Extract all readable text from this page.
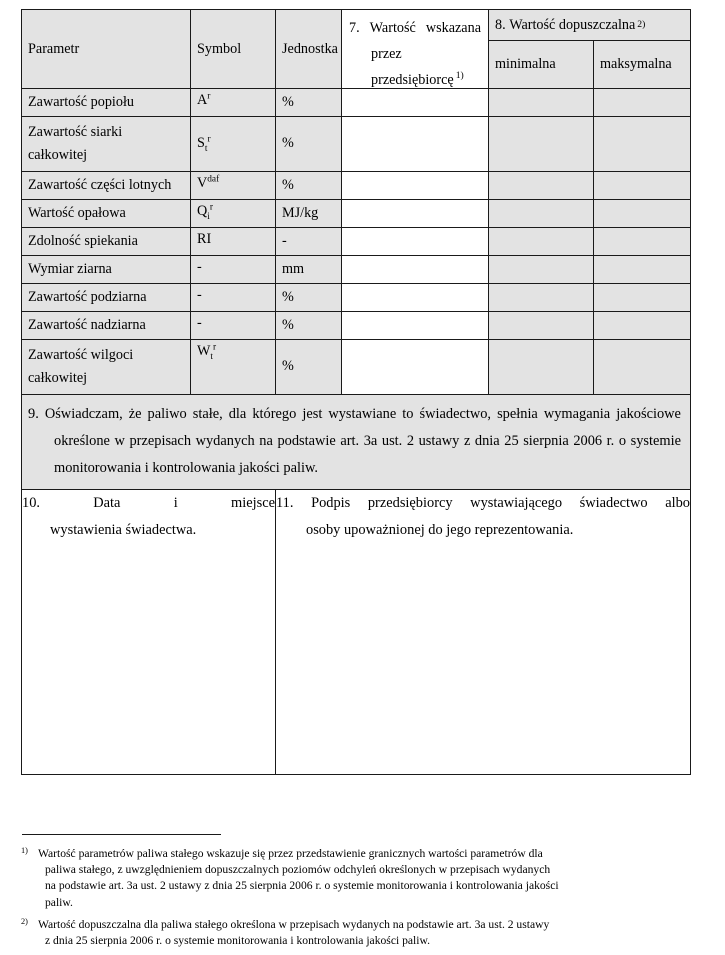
Parametr	Symbol	Jednostka

7. Wartość wskazana
przez
przedsiębiorcę $^{1)}$

8.
Wartość dopuszczalna 2)

				minimalna	maksymalna

Zawartość popiołu	$A^r$	%			

Zawartość siarki
całkowitej	$S_t^r$	%			

Zawartość części lotnych	$V^{daf}$	%			

Wartość opałowa	$Q_i^r$	MJ/kg			

Zdolność spiekania	RI	-			

Wymiar ziarna	-	mm			

Zawartość podziarna	-	%			

Zawartość nadziarna	-	%			

Zawartość wilgoci
całkowitej	$W_t^r$	%			

9. Oświadczam, że paliwo stałe, dla którego jest wystawiane to świadectwo, spełnia wymagania jakościowe
określone w przepisach wydanych na podstawie art. 3a ust. 2 ustawy z dnia 25 sierpnia 2006 r. o systemie
monitorowania i kontrolowania jakości paliw.

10.	Data	i	miejsce
wystawienia świadectwa.

11. Podpis przedsiębiorcy wystawiającego świadectwo albo
osoby upoważnionej do jego reprezentowania.
1) Wartość parametrów paliwa stałego wskazuje się przez przedstawienie granicznych wartości parametrów dla
paliwa stałego, z uwzględnieniem dopuszczalnych poziomów odchyleń określonych w przepisach wydanych
na podstawie art. 3a ust. 2 ustawy z dnia 25 sierpnia 2006 r. o systemie monitorowania i kontrolowania jakości
paliw.
2) Wartość dopuszczalna dla paliwa stałego określona w przepisach wydanych na podstawie art. 3a ust. 2 ustawy
z dnia 25 sierpnia 2006 r. o systemie monitorowania i kontrolowania jakości paliw.
